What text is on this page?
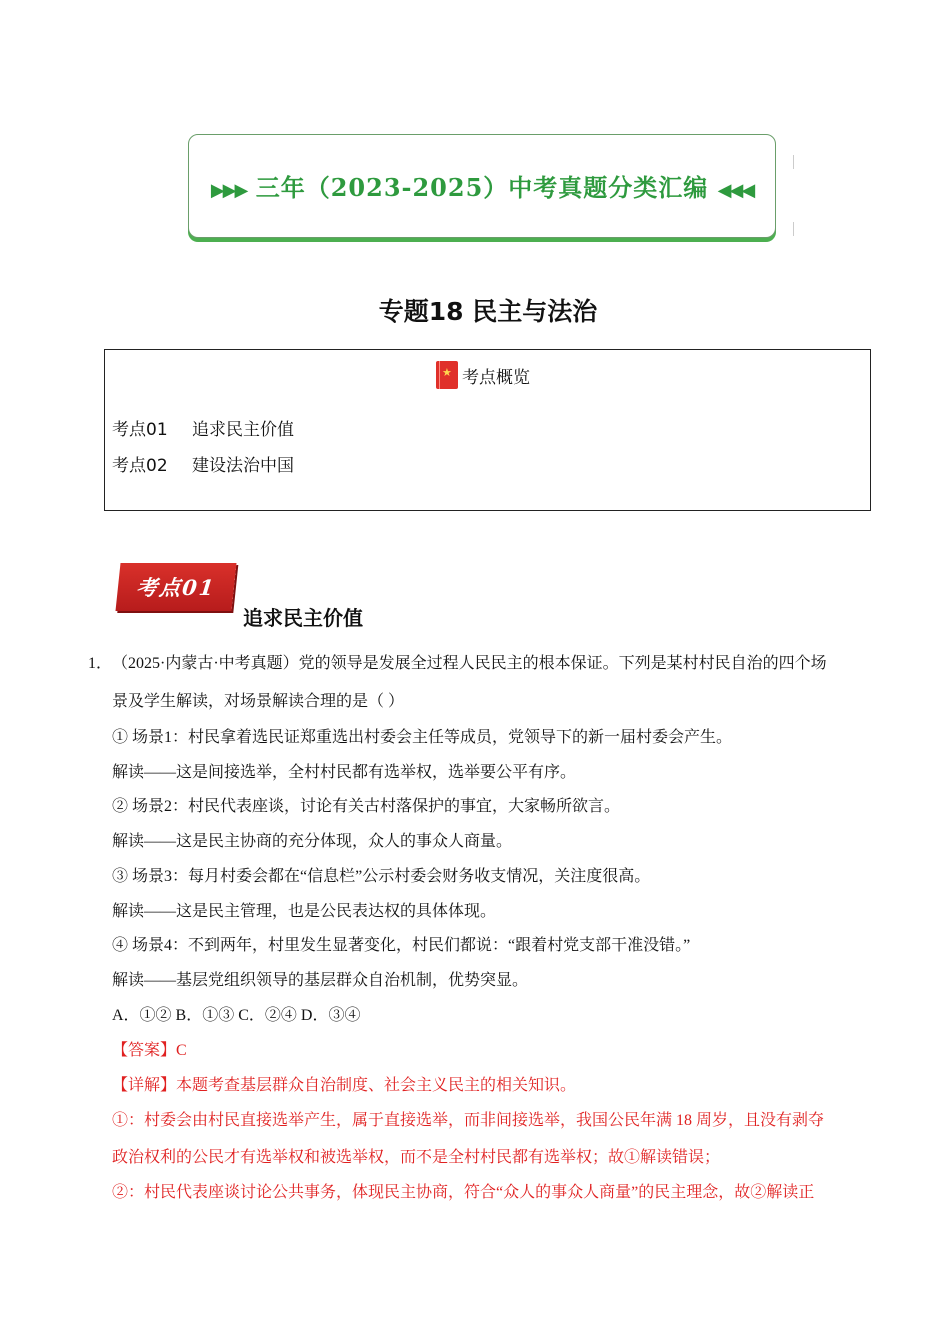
▶▶▶ 三年（2023-2025）中考真题分类汇编 ◀◀◀
专题18 民主与法治
★
考点概览
考点01 追求民主价值
考点02 建设法治中国
考点01
追求民主价值
1． （2025·内蒙古·中考真题）党的领导是发展全过程人民民主的根本保证。下列是某村村民自治的四个场
景及学生解读，对场景解读合理的是（ ）
① 场景1：村民拿着选民证郑重选出村委会主任等成员，党领导下的新一届村委会产生。
解读——这是间接选举，全村村民都有选举权，选举要公平有序。
② 场景2：村民代表座谈，讨论有关古村落保护的事宜，大家畅所欲言。
解读——这是民主协商的充分体现，众人的事众人商量。
③ 场景3：每月村委会都在“信息栏”公示村委会财务收支情况，关注度很高。
解读——这是民主管理，也是公民表达权的具体体现。
④ 场景4：不到两年，村里发生显著变化，村民们都说：“跟着村党支部干准没错。”
解读——基层党组织领导的基层群众自治机制，优势突显。
A．①② B．①③ C．②④ D．③④
【答案】C
【详解】本题考查基层群众自治制度、社会主义民主的相关知识。
①：村委会由村民直接选举产生，属于直接选举，而非间接选举，我国公民年满 18 周岁，且没有剥夺
政治权利的公民才有选举权和被选举权，而不是全村村民都有选举权；故①解读错误；
②：村民代表座谈讨论公共事务，体现民主协商，符合“众人的事众人商量”的民主理念，故②解读正
